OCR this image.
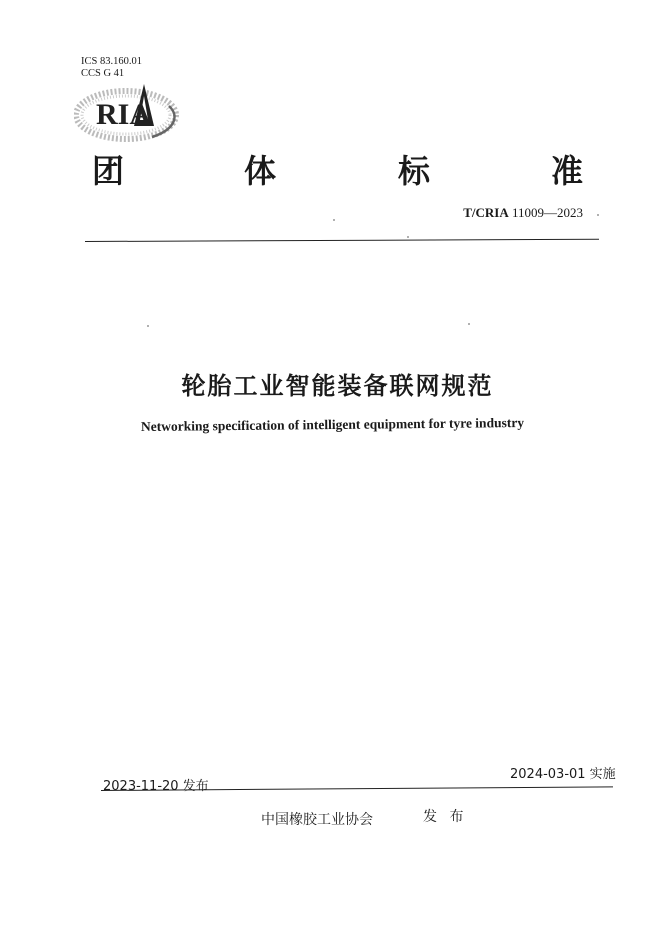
ICS 83.160.01
CCS G 41
RIA
团	体	标	准
T/CRIA 11009—2023
轮胎工业智能装备联网规范
Networking specification of intelligent equipment for tyre industry
2023-11-20 发布
2024-03-01 实施
中国橡胶工业协会	发 布
